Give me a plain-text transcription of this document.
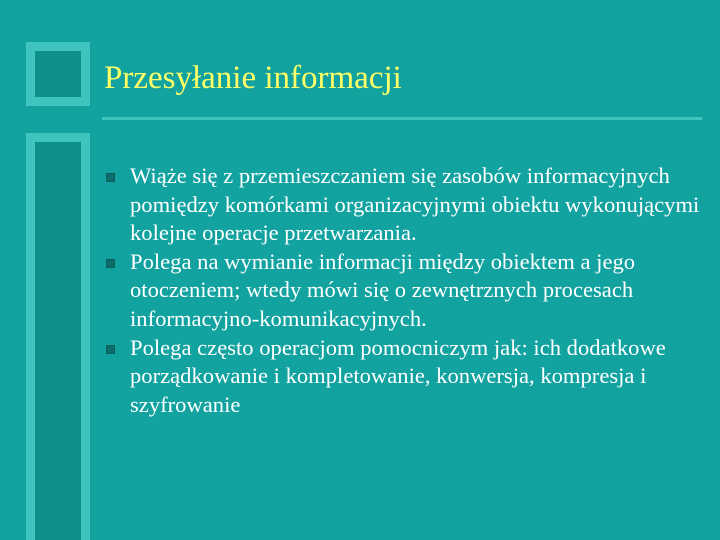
Przesyłanie informacji
Wiąże się z przemieszczaniem się zasobów informacyjnych pomiędzy komórkami organizacyjnymi obiektu wykonującymi kolejne operacje przetwarzania.
Polega na wymianie informacji między obiektem a jego otoczeniem; wtedy mówi się o zewnętrznych procesach informacyjno-komunikacyjnych.
Polega często operacjom pomocniczym jak: ich dodatkowe porządkowanie i kompletowanie, konwersja, kompresja i szyfrowanie
